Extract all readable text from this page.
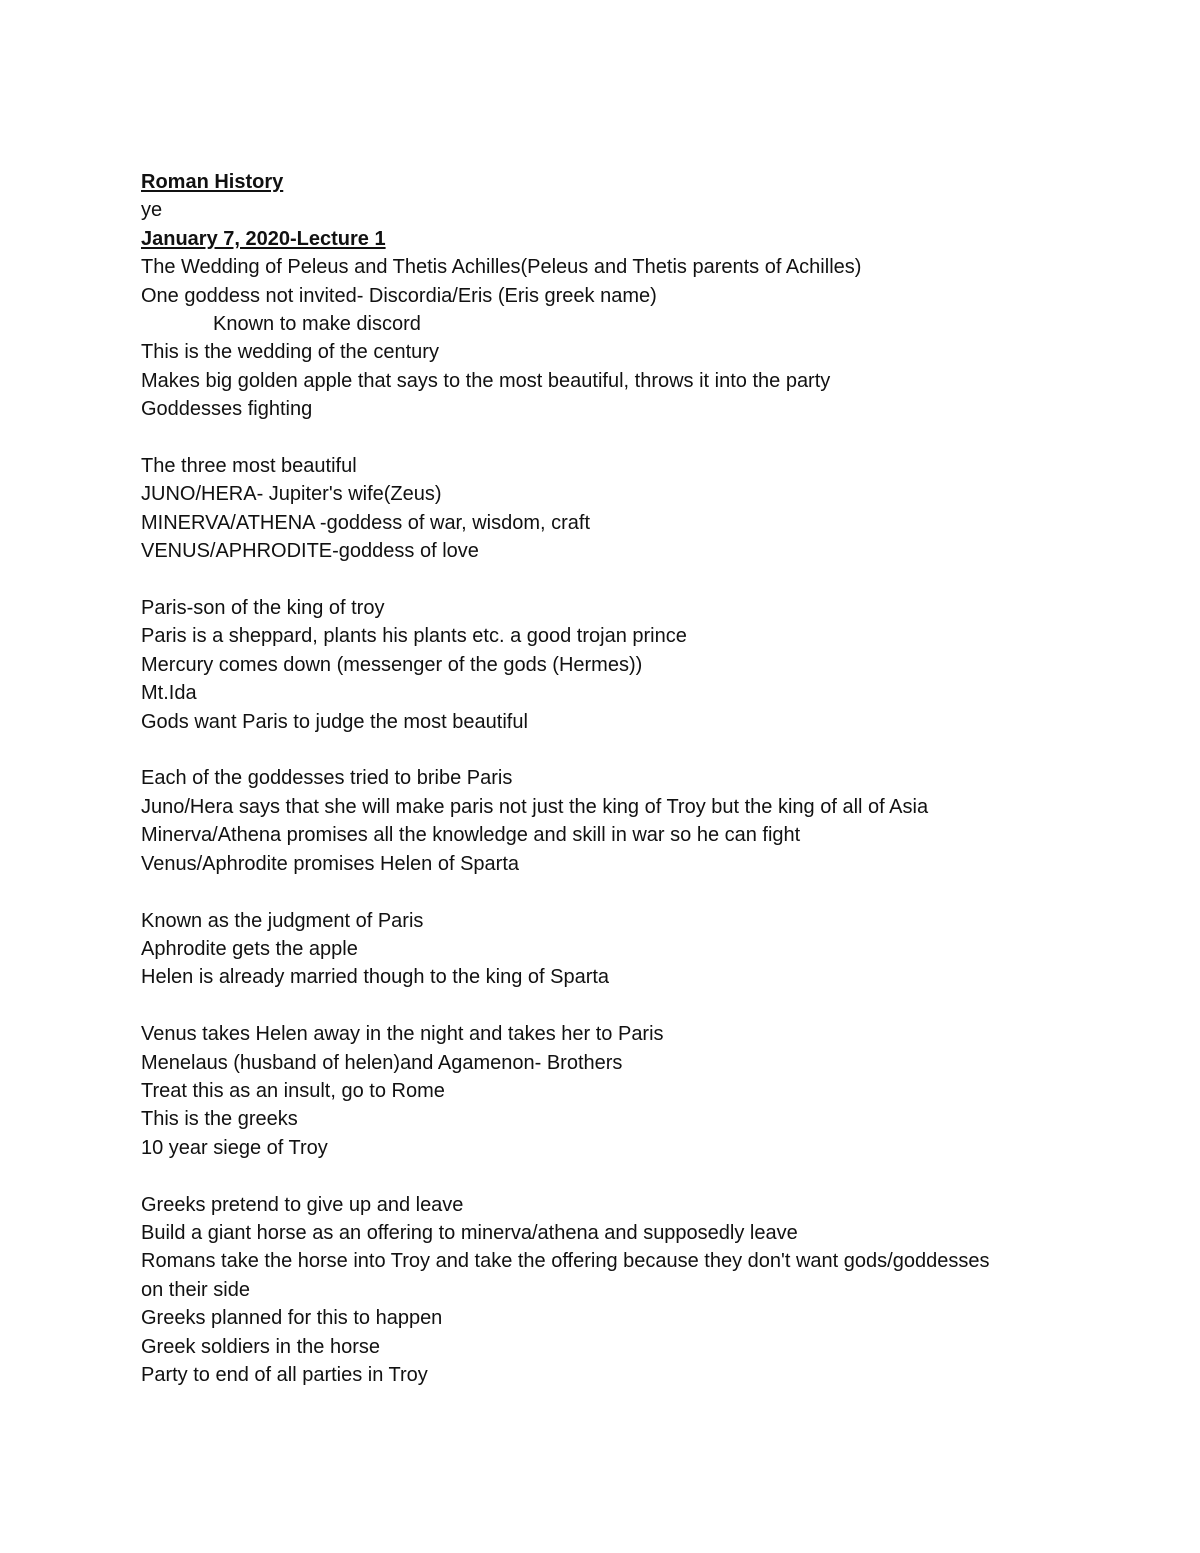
Roman History
ye
January 7, 2020-Lecture 1
The Wedding of Peleus and Thetis Achilles(Peleus and Thetis parents of Achilles)
One goddess not invited- Discordia/Eris (Eris greek name)
Known to make discord
This is the wedding of the century
Makes big golden apple that says to the most beautiful, throws it into the party
Goddesses fighting
The three most beautiful
JUNO/HERA- Jupiter's wife(Zeus)
MINERVA/ATHENA -goddess of war, wisdom, craft
VENUS/APHRODITE-goddess of love
Paris-son of the king of troy
Paris is a sheppard, plants his plants etc. a good trojan prince
Mercury comes down (messenger of the gods (Hermes))
Mt.Ida
Gods want Paris to judge the most beautiful
Each of the goddesses tried to bribe Paris
Juno/Hera says that she will make paris not just the king of Troy but the king of all of Asia
Minerva/Athena promises all the knowledge and skill in war so he can fight
Venus/Aphrodite promises Helen of Sparta
Known as the judgment of Paris
Aphrodite gets the apple
Helen is already married though to the king of Sparta
Venus takes Helen away in the night and takes her to Paris
Menelaus (husband of helen)and Agamenon- Brothers
Treat this as an insult, go to Rome
This is the greeks
10 year siege of Troy
Greeks pretend to give up and leave
Build a giant horse as an offering to minerva/athena and supposedly leave
Romans take the horse into Troy and take the offering because they don't want gods/goddesses
on their side
Greeks planned for this to happen
Greek soldiers in the horse
Party to end of all parties in Troy
